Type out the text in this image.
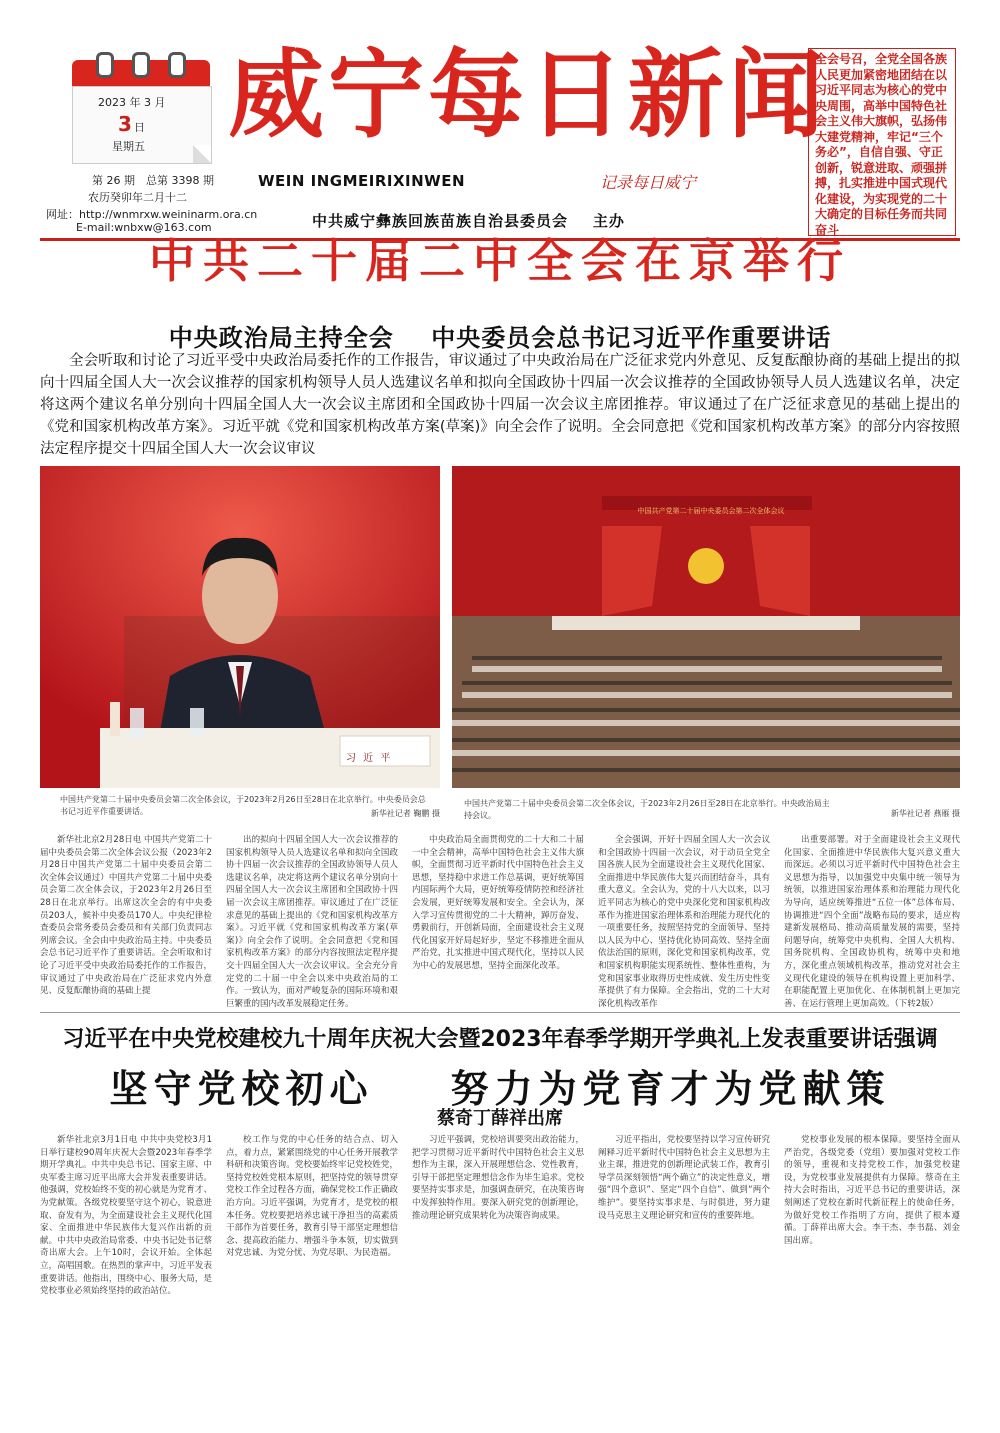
2023 年 3 月
3 日
星期五
第 26 期 总第 3398 期
农历癸卯年二月十二
网址：http://wnmrxw.weininarm.ora.cn
E-mail:wnbxw@163.com
威宁每日新闻
WEIN INGMEIRIXINWEN	记录每日威宁
中共威宁彝族回族苗族自治县委员会    主办
全会号召，全党全国各族人民更加紧密地团结在以习近平同志为核心的党中央周围，高举中国特色社会主义伟大旗帜，弘扬伟大建党精神，牢记“三个务必”，自信自强、守正创新，锐意进取、顽强拼搏，扎实推进中国式现代化建设，为实现党的二十大确定的目标任务而共同奋斗
中共二十届二中全会在京举行
中央政治局主持全会    中央委员会总书记习近平作重要讲话
全会听取和讨论了习近平受中央政治局委托作的工作报告，审议通过了中央政治局在广泛征求党内外意见、反复酝酿协商的基础上提出的拟向十四届全国人大一次会议推荐的国家机构领导人员人选建议名单和拟向全国政协十四届一次会议推荐的全国政协领导人员人选建议名单，决定将这两个建议名单分别向十四届全国人大一次会议主席团和全国政协十四届一次会议主席团推荐。审议通过了在广泛征求意见的基础上提出的《党和国家机构改革方案》。习近平就《党和国家机构改革方案(草案)》向全会作了说明。全会同意把《党和国家机构改革方案》的部分内容按照法定程序提交十四届全国人大一次会议审议
习 近 平
中国共产党第二十届中央委员会第二次全体会议
中国共产党第二十届中央委员会第二次全体会议，于2023年2月26日至28日在北京举行。中央委员会总书记习近平作重要讲话。	新华社记者 鞠鹏 摄
中国共产党第二十届中央委员会第二次全体会议，于2023年2月26日至28日在北京举行。中央政治局主持会议。	新华社记者 燕雁 摄

新华社北京2月28日电 中国共产党第二十届中央委员会第二次全体会议公报（2023年2月28日中国共产党第二十届中央委员会第二次全体会议通过）中国共产党第二十届中央委员会第二次全体会议，于2023年2月26日至28日在北京举行。出席这次全会的有中央委员203人，候补中央委员170人。中央纪律检查委员会常务委员会委员和有关部门负责同志列席会议。全会由中央政治局主持。中央委员会总书记习近平作了重要讲话。全会听取和讨论了习近平受中央政治局委托作的工作报告，审议通过了中央政治局在广泛征求党内外意见、反复酝酿协商的基础上提

出的拟向十四届全国人大一次会议推荐的国家机构领导人员人选建议名单和拟向全国政协十四届一次会议推荐的全国政协领导人员人选建议名单，决定将这两个建议名单分别向十四届全国人大一次会议主席团和全国政协十四届一次会议主席团推荐。审议通过了在广泛征求意见的基础上提出的《党和国家机构改革方案》。习近平就《党和国家机构改革方案(草案)》向全会作了说明。全会同意把《党和国家机构改革方案》的部分内容按照法定程序提交十四届全国人大一次会议审议。全会充分肯定党的二十届一中全会以来中央政治局的工作。一致认为，面对严峻复杂的国际环境和艰巨繁重的国内改革发展稳定任务。

中央政治局全面贯彻党的二十大和二十届一中全会精神，高举中国特色社会主义伟大旗帜，全面贯彻习近平新时代中国特色社会主义思想，坚持稳中求进工作总基调，更好统筹国内国际两个大局，更好统筹疫情防控和经济社会发展，更好统筹发展和安全。全会认为，深入学习宣传贯彻党的二十大精神，踔厉奋发、勇毅前行，开创新局面，全面建设社会主义现代化国家开好局起好步，坚定不移推进全面从严治党，扎实推进中国式现代化，坚持以人民为中心的发展思想，坚持全面深化改革。

全会强调，开好十四届全国人大一次会议和全国政协十四届一次会议，对于动员全党全国各族人民为全面建设社会主义现代化国家、全面推进中华民族伟大复兴而团结奋斗，具有重大意义。全会认为，党的十八大以来，以习近平同志为核心的党中央深化党和国家机构改革作为推进国家治理体系和治理能力现代化的一项重要任务，按照坚持党的全面领导、坚持以人民为中心、坚持优化协同高效、坚持全面依法治国的原则，深化党和国家机构改革，党和国家机构职能实现系统性、整体性重构，为党和国家事业取得历史性成就、发生历史性变革提供了有力保障。全会指出，党的二十大对深化机构改革作

出重要部署。对于全面建设社会主义现代化国家、全面推进中华民族伟大复兴意义重大而深远。必须以习近平新时代中国特色社会主义思想为指导，以加强党中央集中统一领导为统领，以推进国家治理体系和治理能力现代化为导向，适应统筹推进“五位一体”总体布局、协调推进“四个全面”战略布局的要求，适应构建新发展格局、推动高质量发展的需要，坚持问题导向，统筹党中央机构、全国人大机构、国务院机构、全国政协机构，统筹中央和地方，深化重点领域机构改革，推动党对社会主义现代化建设的领导在机构设置上更加科学、在职能配置上更加优化、在体制机制上更加完善、在运行管理上更加高效。（下转2版）

习近平在中央党校建校九十周年庆祝大会暨2023年春季学期开学典礼上发表重要讲话强调
坚守党校初心    努力为党育才为党献策
蔡奇丁薛祥出席

新华社北京3月1日电 中共中央党校3月1日举行建校90周年庆祝大会暨2023年春季学期开学典礼。中共中央总书记、国家主席、中央军委主席习近平出席大会并发表重要讲话。他强调，党校始终不变的初心就是为党育才、为党献策。各级党校要坚守这个初心，锐意进取、奋发有为，为全面建设社会主义现代化国家、全面推进中华民族伟大复兴作出新的贡献。中共中央政治局常委、中央书记处书记蔡奇出席大会。上午10时，会议开始。全体起立，高唱国歌。在热烈的掌声中，习近平发表重要讲话。他指出，围绕中心、服务大局，是党校事业必须始终坚持的政治站位。

校工作与党的中心任务的结合点、切入点，着力点，紧紧围绕党的中心任务开展教学科研和决策咨询。党校要始终牢记党校姓党，坚持党校姓党根本原则，把坚持党的领导贯穿党校工作全过程各方面，确保党校工作正确政治方向。习近平强调，为党育才，是党校的根本任务。党校要把培养忠诚干净担当的高素质干部作为首要任务，教育引导干部坚定理想信念、提高政治能力、增强斗争本领，切实做到对党忠诚、为党分忧、为党尽职、为民造福。

习近平强调，党校培训要突出政治能力，把学习贯彻习近平新时代中国特色社会主义思想作为主课，深入开展理想信念、党性教育，引导干部把坚定理想信念作为毕生追求。党校要坚持实事求是，加强调查研究，在决策咨询中发挥独特作用。要深入研究党的创新理论，推动理论研究成果转化为决策咨询成果。

习近平指出，党校要坚持以学习宣传研究阐释习近平新时代中国特色社会主义思想为主业主课，推进党的创新理论武装工作，教育引导学员深刻领悟“两个确立”的决定性意义，增强“四个意识”、坚定“四个自信”、做到“两个维护”。要坚持实事求是、与时俱进，努力建设马克思主义理论研究和宣传的重要阵地。

党校事业发展的根本保障。要坚持全面从严治党，各级党委（党组）要加强对党校工作的领导，重视和支持党校工作，加强党校建设，为党校事业发展提供有力保障。蔡奇在主持大会时指出，习近平总书记的重要讲话，深刻阐述了党校在新时代新征程上的使命任务，为做好党校工作指明了方向，提供了根本遵循。丁薛祥出席大会。李干杰、李书磊、刘金国出席。
